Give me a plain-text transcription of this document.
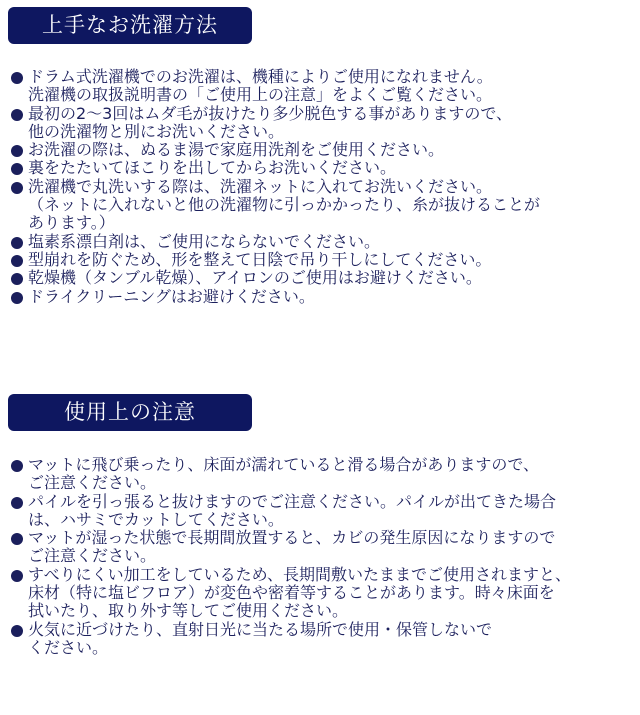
上手なお洗濯方法
ドラム式洗濯機でのお洗濯は、機種によりご使用になれません。
洗濯機の取扱説明書の「ご使用上の注意」をよくご覧ください。
最初の2～3回はムダ毛が抜けたり多少脱色する事がありますので、
他の洗濯物と別にお洗いください。
お洗濯の際は、ぬるま湯で家庭用洗剤をご使用ください。
裏をたたいてほこりを出してからお洗いください。
洗濯機で丸洗いする際は、洗濯ネットに入れてお洗いください。
（ネットに入れないと他の洗濯物に引っかかったり、糸が抜けることが
あります。）
塩素系漂白剤は、ご使用にならないでください。
型崩れを防ぐため、形を整えて日陰で吊り干しにしてください。
乾燥機（タンブル乾燥）、アイロンのご使用はお避けください。
ドライクリーニングはお避けください。
使用上の注意
マットに飛び乗ったり、床面が濡れていると滑る場合がありますので、
ご注意ください。
パイルを引っ張ると抜けますのでご注意ください。パイルが出てきた場合
は、ハサミでカットしてください。
マットが湿った状態で長期間放置すると、カビの発生原因になりますので
ご注意ください。
すべりにくい加工をしているため、長期間敷いたままでご使用されますと、
床材（特に塩ビフロア）が変色や密着等することがあります。時々床面を
拭いたり、取り外す等してご使用ください。
火気に近づけたり、直射日光に当たる場所で使用・保管しないで
ください。
